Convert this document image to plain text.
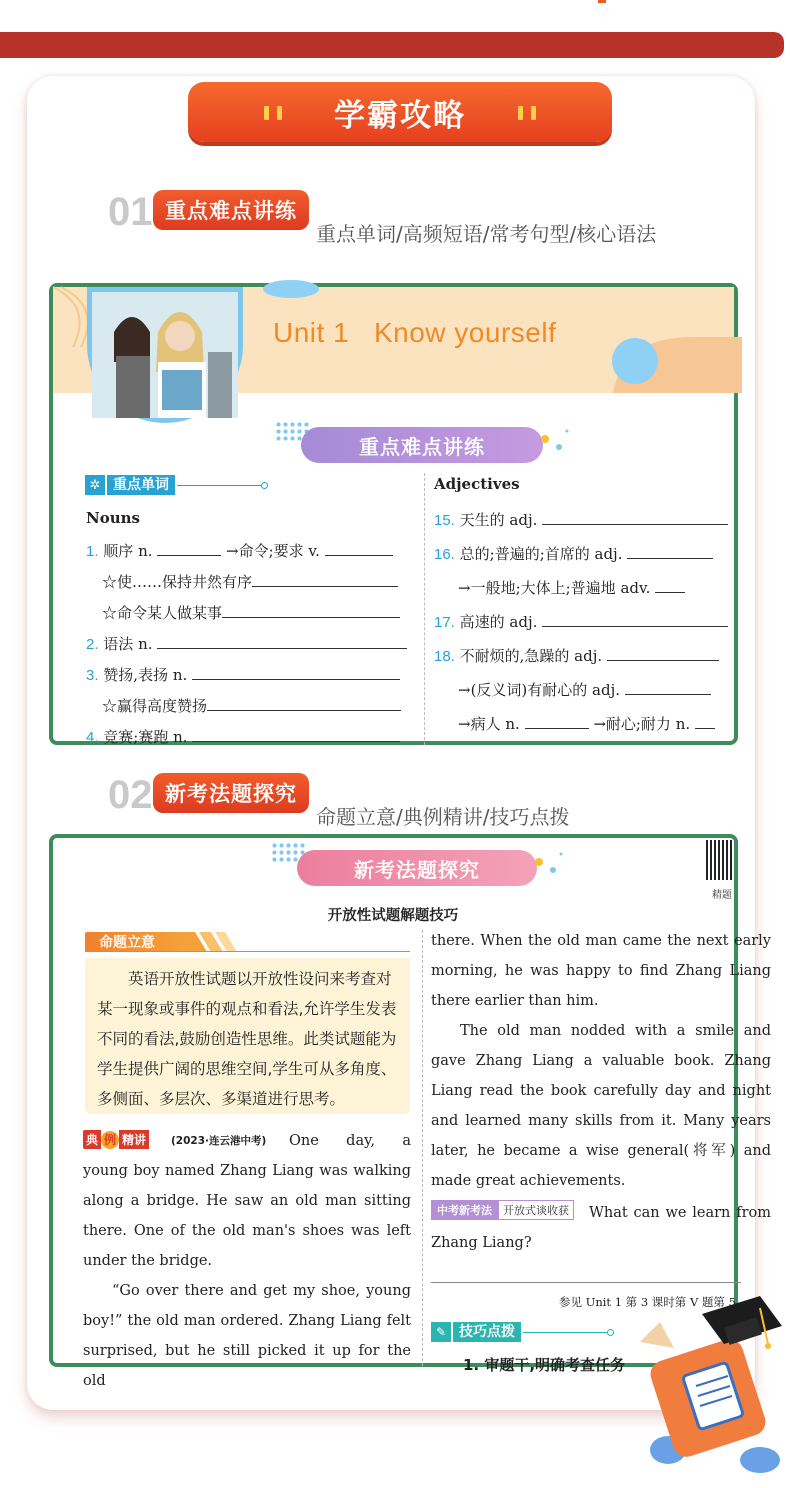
学霸攻略
01 重点难点讲练
重点单词/高频短语/常考句型/核心语法
Unit 1   Know yourself
重点难点讲练
✲ 重点单词
Nouns
1. 顺序 n.	→命令;要求 v.
☆使……保持井然有序
☆命令某人做某事
2. 语法 n.
3. 赞扬,表扬 n.
☆赢得高度赞扬
4. 竞赛;赛跑 n.
Adjectives
15. 天生的 adj.
16. 总的;普遍的;首席的 adj.
→一般地;大体上;普遍地 adv.
17. 高速的 adj.
18. 不耐烦的,急躁的 adj.
→(反义词)有耐心的 adj.
→病人 n.	→耐心;耐力 n.
02 新考法题探究
命题立意/典例精讲/技巧点拨
新考法题探究
精题
开放性试题解题技巧
命题立意
英语开放性试题以开放性设问来考查对某一现象或事件的观点和看法,允许学生发表不同的看法,鼓励创造性思维。此类试题能为学生提供广阔的思维空间,学生可从多角度、多侧面、多层次、多渠道进行思考。
典 例 精讲 (2023·连云港中考)	One day, a young boy named Zhang Liang was walking along a bridge. He saw an old man sitting there. One of the old man's shoes was left under the bridge.
“Go over there and get my shoe, young boy!” the old man ordered. Zhang Liang felt surprised, but he still picked it up for the old
there. When the old man came the next early morning, he was happy to find Zhang Liang there earlier than him.
The old man nodded with a smile and gave Zhang Liang a valuable book. Zhang Liang read the book carefully day and night and learned many skills from it. Many years later, he became a wise general(将军) and made great achievements.
中考新考法	开放式谈收获	What can we learn from Zhang Liang?
参见 Unit 1 第 3 课时第 V 题第 5
✎ 技巧点拨
1. 审题干,明确考查任务
